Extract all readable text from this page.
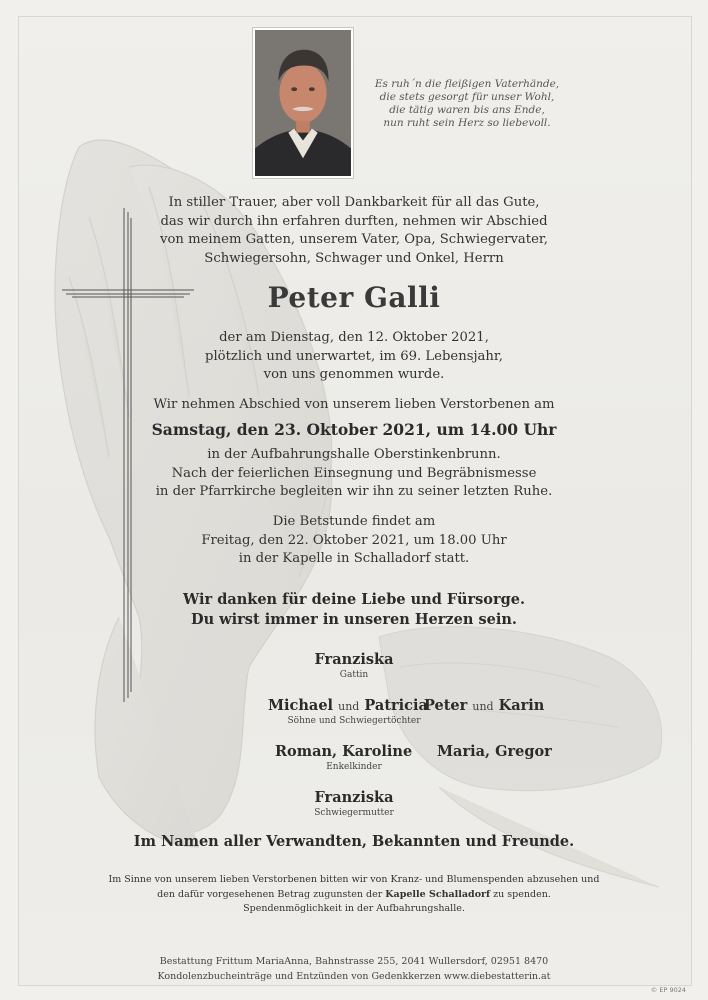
Es ruh´n die fleißigen Vaterhände,
die stets gesorgt für unser Wohl,
die tätig waren bis ans Ende,
nun ruht sein Herz so liebevoll.
In stiller Trauer, aber voll Dankbarkeit für all das Gute,
das wir durch ihn erfahren durften, nehmen wir Abschied
von meinem Gatten, unserem Vater, Opa, Schwiegervater,
Schwiegersohn, Schwager und Onkel, Herrn
Peter Galli
der am Dienstag, den 12. Oktober 2021,
plötzlich und unerwartet, im 69. Lebensjahr,
von uns genommen wurde.
Wir nehmen Abschied von unserem lieben Verstorbenen am
Samstag, den 23. Oktober 2021, um 14.00 Uhr
in der Aufbahrungshalle Oberstinkenbrunn.
Nach der feierlichen Einsegnung und Begräbnismesse
in der Pfarrkirche begleiten wir ihn zu seiner letzten Ruhe.
Die Betstunde findet am
Freitag, den 22. Oktober 2021, um 18.00 Uhr
in der Kapelle in Schalladorf statt.
Wir danken für deine Liebe und Fürsorge.
Du wirst immer in unseren Herzen sein.
Franziska
Gattin
Michael und Patricia
Peter und Karin
Söhne und Schwiegertöchter
Roman, Karoline Maria, Gregor
Enkelkinder
Franziska
Schwiegermutter
Im Namen aller Verwandten, Bekannten und Freunde.
Im Sinne von unserem lieben Verstorbenen bitten wir von Kranz- und Blumenspenden abzusehen und
den dafür vorgesehenen Betrag zugunsten der Kapelle Schalladorf zu spenden.
Spendenmöglichkeit in der Aufbahrungshalle.
Bestattung Frittum MariaAnna, Bahnstrasse 255, 2041 Wullersdorf, 02951 8470
Kondolenzbucheinträge und Entzünden von Gedenkkerzen www.diebestatterin.at
© EP 9024
